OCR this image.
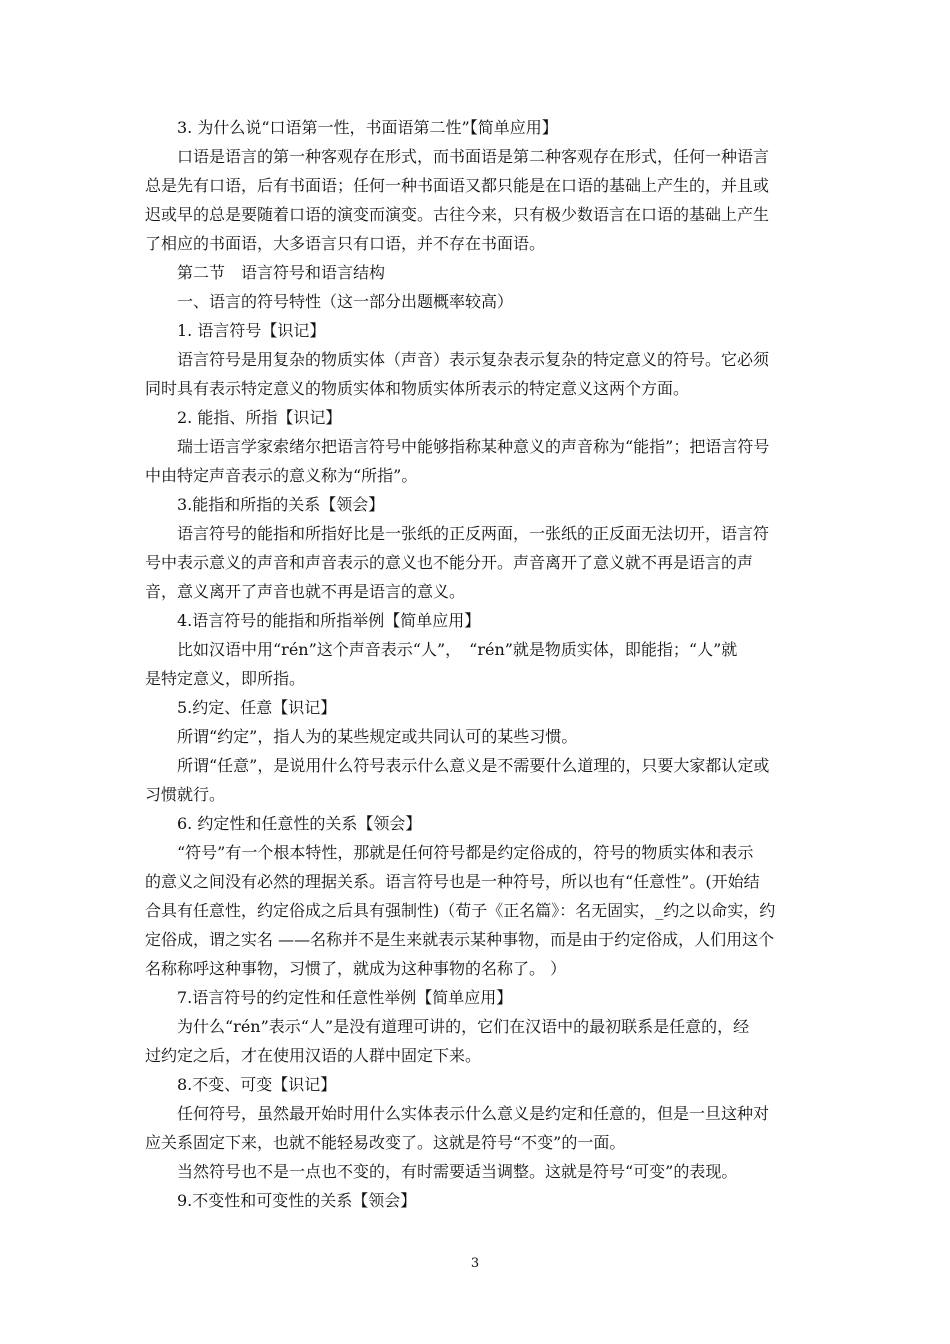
3. 为什么说“口语第一性，书面语第二性”【简单应用】
口语是语言的第一种客观存在形式，而书面语是第二种客观存在形式，任何一种语言
总是先有口语，后有书面语；任何一种书面语又都只能是在口语的基础上产生的，并且或
迟或早的总是要随着口语的演变而演变。古往今来，只有极少数语言在口语的基础上产生
了相应的书面语，大多语言只有口语，并不存在书面语。
第二节　语言符号和语言结构
一、语言的符号特性（这一部分出题概率较高）
1. 语言符号【识记】
语言符号是用复杂的物质实体（声音）表示复杂表示复杂的特定意义的符号。它必须
同时具有表示特定意义的物质实体和物质实体所表示的特定意义这两个方面。
2. 能指、所指【识记】
瑞士语言学家索绪尔把语言符号中能够指称某种意义的声音称为“能指”；把语言符号
中由特定声音表示的意义称为“所指”。
3.能指和所指的关系【领会】
语言符号的能指和所指好比是一张纸的正反两面，一张纸的正反面无法切开，语言符
号中表示意义的声音和声音表示的意义也不能分开。声音离开了意义就不再是语言的声
音，意义离开了声音也就不再是语言的意义。
4.语言符号的能指和所指举例【简单应用】
比如汉语中用“rén”这个声音表示“人”，　“rén”就是物质实体，即能指；“人”就
是特定意义，即所指。
5.约定、任意【识记】
所谓“约定”，指人为的某些规定或共同认可的某些习惯。
所谓“任意”，是说用什么符号表示什么意义是不需要什么道理的，只要大家都认定或
习惯就行。
6. 约定性和任意性的关系【领会】
“符号”有一个根本特性，那就是任何符号都是约定俗成的，符号的物质实体和表示
的意义之间没有必然的理据关系。语言符号也是一种符号，所以也有“任意性”。(开始结
合具有任意性，约定俗成之后具有强制性)（荀子《正名篇》：名无固实，_约之以命实，约
定俗成，谓之实名 ——名称并不是生来就表示某种事物，而是由于约定俗成，人们用这个
名称称呼这种事物，习惯了，就成为这种事物的名称了。 ）
7.语言符号的约定性和任意性举例【简单应用】
为什么“rén”表示“人”是没有道理可讲的，它们在汉语中的最初联系是任意的，经
过约定之后，才在使用汉语的人群中固定下来。
8.不变、可变【识记】
任何符号，虽然最开始时用什么实体表示什么意义是约定和任意的，但是一旦这种对
应关系固定下来，也就不能轻易改变了。这就是符号“不变”的一面。
当然符号也不是一点也不变的，有时需要适当调整。这就是符号“可变”的表现。
9.不变性和可变性的关系【领会】
3
